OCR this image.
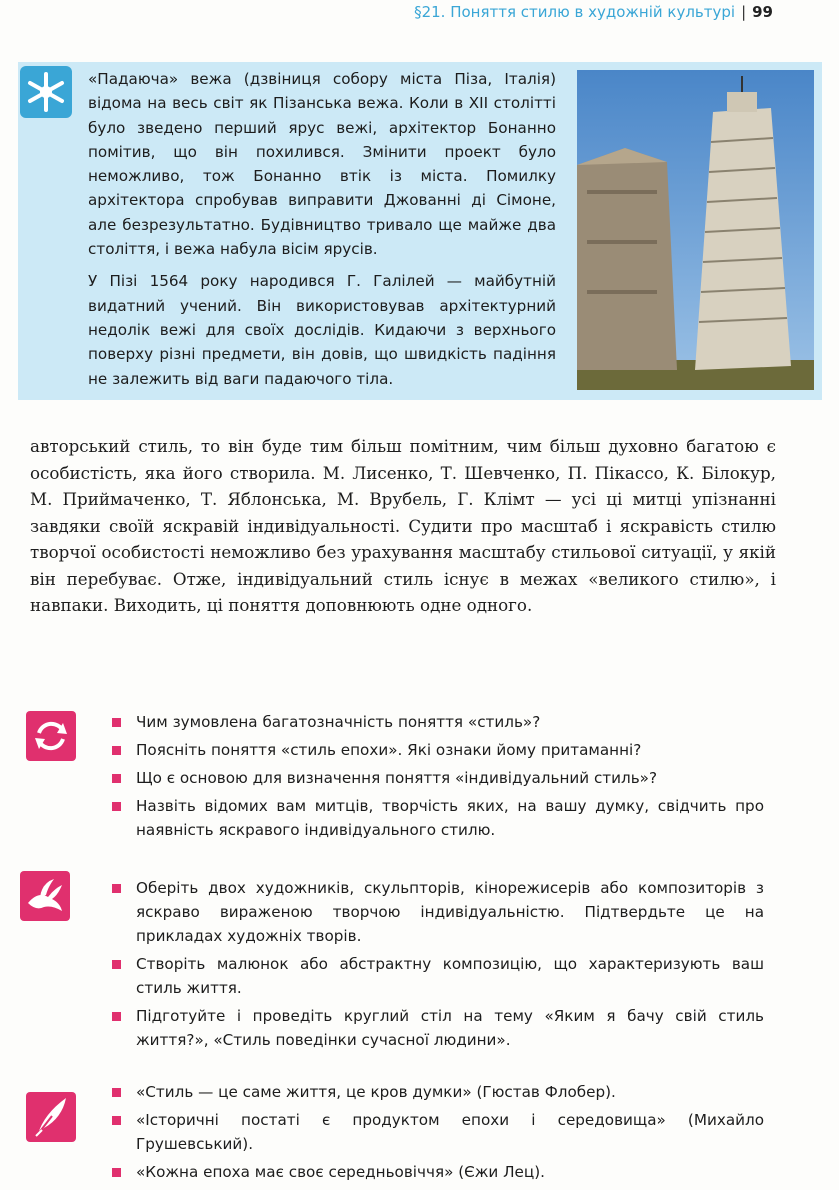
§21. Поняття стилю в художній культурі | 99

«Падаюча» вежа (дзвіниця собору міста Піза, Італія) відома на весь світ як Пізанська вежа. Коли в XII столітті було зведено перший ярус вежі, архітектор Бонанно помітив, що він похилився. Змінити проект було неможливо, тож Бонанно втік із міста. Помилку архітектора спробував виправити Джованні ді Сімоне, але безрезультатно. Будівництво тривало ще майже два століття, і вежа набула вісім ярусів.

У Пізі 1564 року народився Г. Галілей — майбутній видатний учений. Він використовував архітектурний недолік вежі для своїх дослідів. Кидаючи з верхнього поверху різні предмети, він довів, що швидкість падіння не залежить від ваги падаючого тіла.

авторський стиль, то він буде тим більш помітним, чим більш духовно багатою є особистість, яка його створила. М. Лисенко, Т. Шевченко, П. Пікассо, К. Білокур, М. Приймаченко, Т. Яблонська, М. Врубель, Г. Клімт — усі ці митці упізнанні завдяки своїй яскравій індивідуальності. Судити про масштаб і яскравість стилю творчої особистості неможливо без урахування масштабу стильової ситуації, у якій він перебуває. Отже, індивідуальний стиль існує в межах «великого стилю», і навпаки. Виходить, ці поняття доповнюють одне одного.
Чим зумовлена багатозначність поняття «стиль»?
Поясніть поняття «стиль епохи». Які ознаки йому притаманні?
Що є основою для визначення поняття «індивідуальний стиль»?
Назвіть відомих вам митців, творчість яких, на вашу думку, свідчить про наявність яскравого індивідуального стилю.
Оберіть двох художників, скульпторів, кінорежисерів або композиторів з яскраво вираженою творчою індивідуальністю. Підтвердьте це на прикладах художніх творів.
Створіть малюнок або абстрактну композицію, що характеризують ваш стиль життя.
Підготуйте і проведіть круглий стіл на тему «Яким я бачу свій стиль життя?», «Стиль поведінки сучасної людини».
«Стиль — це саме життя, це кров думки» (Гюстав Флобер).
«Історичні постаті є продуктом епохи і середовища» (Михайло Грушевський).
«Кожна епоха має своє середньовіччя» (Єжи Лец).
